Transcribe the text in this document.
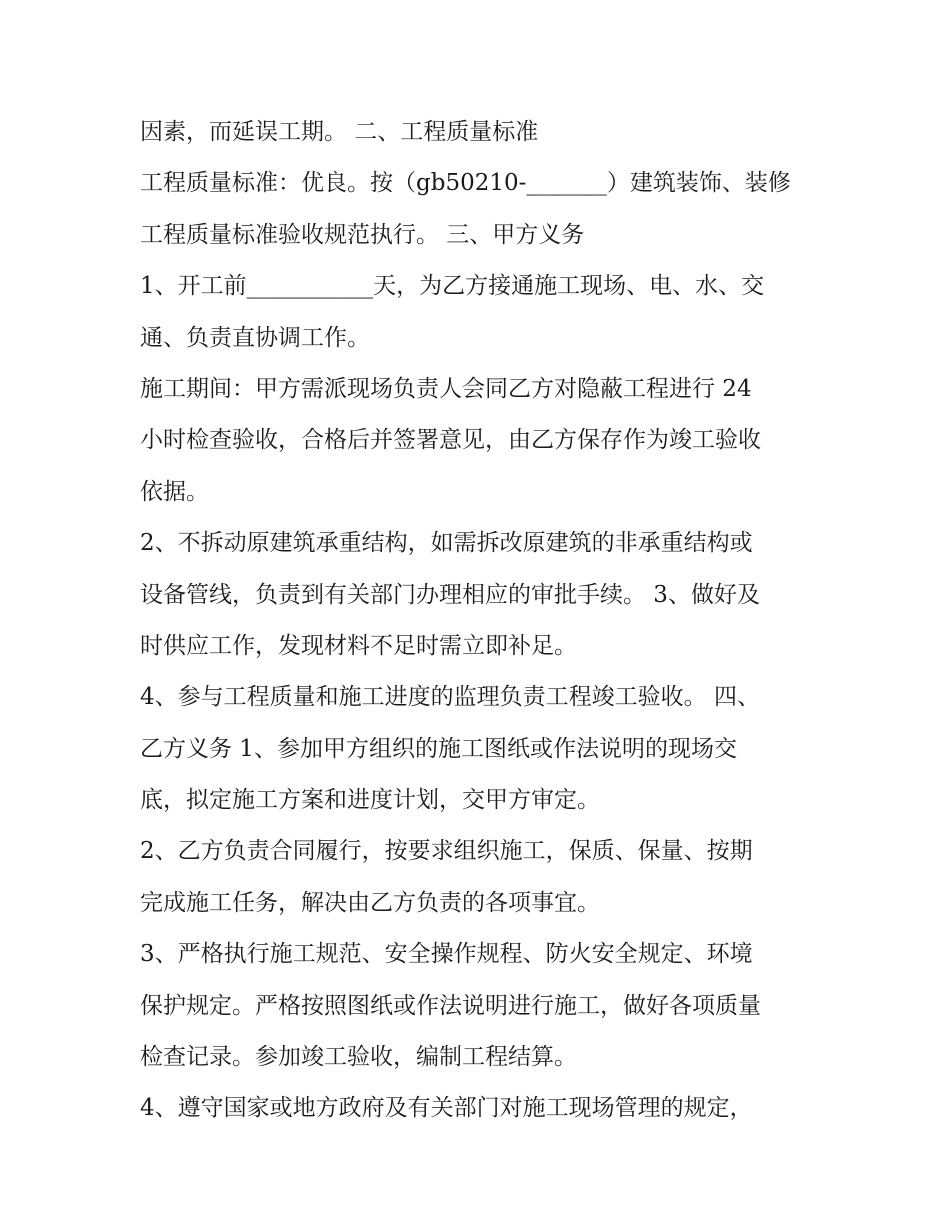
因素，而延误工期。 二、工程质量标准
工程质量标准：优良。按（gb50210-_______）建筑装饰、装修
工程质量标准验收规范执行。 三、甲方义务
1、开工前___________天，为乙方接通施工现场、电、水、交
通、负责直协调工作。
施工期间：甲方需派现场负责人会同乙方对隐蔽工程进行 24
小时检查验收，合格后并签署意见，由乙方保存作为竣工验收
依据。
2、不拆动原建筑承重结构，如需拆改原建筑的非承重结构或
设备管线，负责到有关部门办理相应的审批手续。 3、做好及
时供应工作，发现材料不足时需立即补足。
4、参与工程质量和施工进度的监理负责工程竣工验收。 四、
乙方义务 1、参加甲方组织的施工图纸或作法说明的现场交
底，拟定施工方案和进度计划，交甲方审定。
2、乙方负责合同履行，按要求组织施工，保质、保量、按期
完成施工任务，解决由乙方负责的各项事宜。
3、严格执行施工规范、安全操作规程、防火安全规定、环境
保护规定。严格按照图纸或作法说明进行施工，做好各项质量
检查记录。参加竣工验收，编制工程结算。
4、遵守国家或地方政府及有关部门对施工现场管理的规定，
